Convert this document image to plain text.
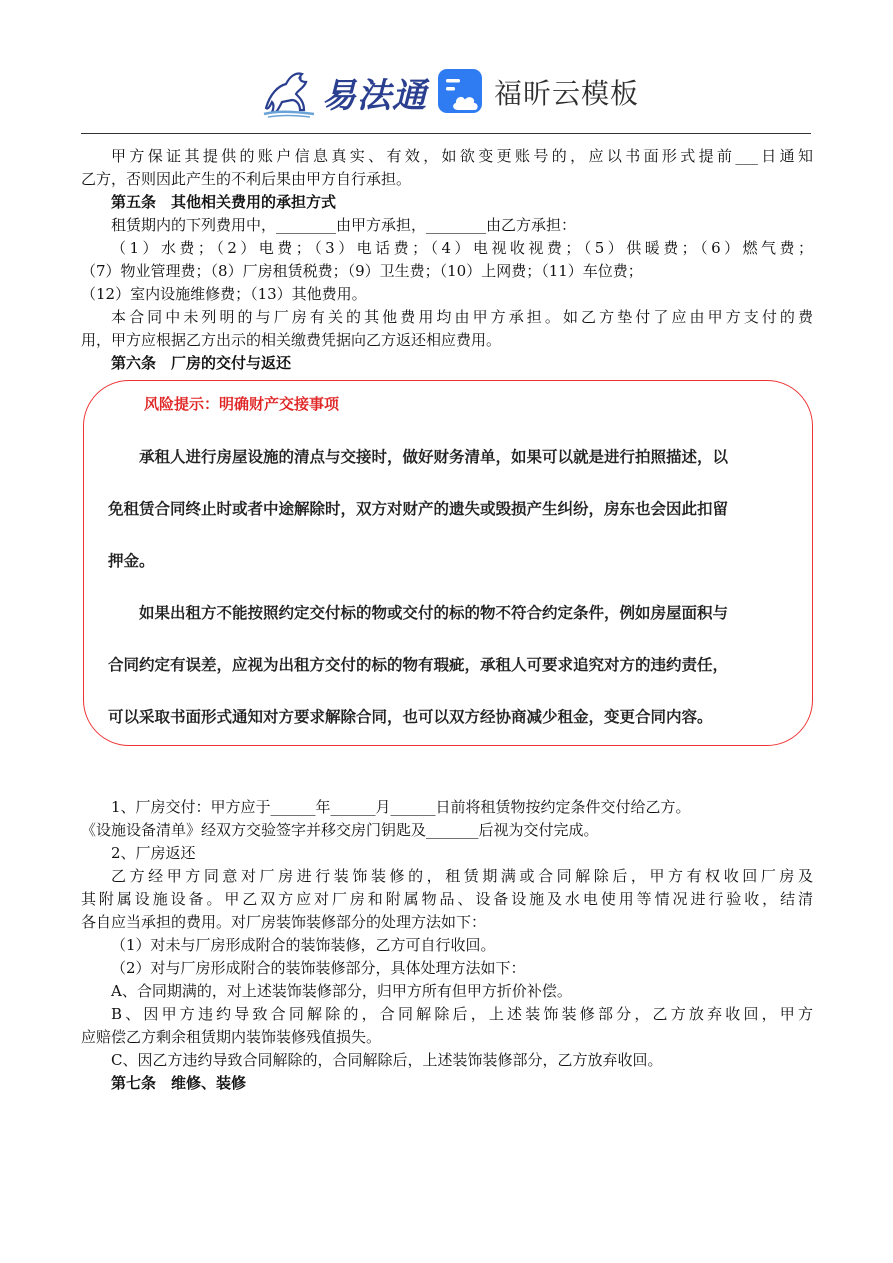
易法通 福昕云模板
甲方保证其提供的账户信息真实、有效，如欲变更账号的，应以书面形式提前___日通知
乙方，否则因此产生的不利后果由甲方自行承担。
第五条　其他相关费用的承担方式
租赁期内的下列费用中，________由甲方承担，________由乙方承担：
（1）水费；（2）电费；（3）电话费；（4）电视收视费；（5）供暖费；（6）燃气费；
（7）物业管理费；（8）厂房租赁税费；（9）卫生费；（10）上网费；（11）车位费；
（12）室内设施维修费；（13）其他费用。
本合同中未列明的与厂房有关的其他费用均由甲方承担。如乙方垫付了应由甲方支付的费
用，甲方应根据乙方出示的相关缴费凭据向乙方返还相应费用。
第六条　厂房的交付与返还
风险提示：明确财产交接事项
承租人进行房屋设施的清点与交接时，做好财务清单，如果可以就是进行拍照描述，以
免租赁合同终止时或者中途解除时，双方对财产的遗失或毁损产生纠纷，房东也会因此扣留
押金。
如果出租方不能按照约定交付标的物或交付的标的物不符合约定条件，例如房屋面积与
合同约定有误差，应视为出租方交付的标的物有瑕疵，承租人可要求追究对方的违约责任，
可以采取书面形式通知对方要求解除合同，也可以双方经协商减少租金，变更合同内容。
1、厂房交付：甲方应于______年______月______日前将租赁物按约定条件交付给乙方。
《设施设备清单》经双方交验签字并移交房门钥匙及_______后视为交付完成。
2、厂房返还
乙方经甲方同意对厂房进行装饰装修的，租赁期满或合同解除后，甲方有权收回厂房及
其附属设施设备。甲乙双方应对厂房和附属物品、设备设施及水电使用等情况进行验收，结清
各自应当承担的费用。对厂房装饰装修部分的处理方法如下：
（1）对未与厂房形成附合的装饰装修，乙方可自行收回。
（2）对与厂房形成附合的装饰装修部分，具体处理方法如下：
A、合同期满的，对上述装饰装修部分，归甲方所有但甲方折价补偿。
B、因甲方违约导致合同解除的，合同解除后，上述装饰装修部分，乙方放弃收回，甲方
应赔偿乙方剩余租赁期内装饰装修残值损失。
C、因乙方违约导致合同解除的，合同解除后，上述装饰装修部分，乙方放弃收回。
第七条　维修、装修
